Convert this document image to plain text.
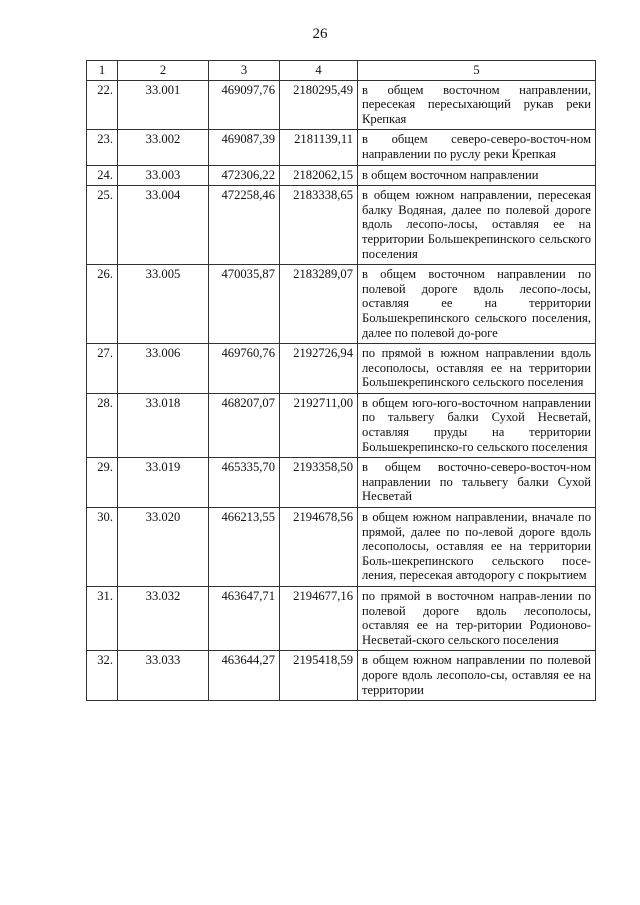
26
1	2	3	4	5
22.	33.001	469097,76	2180295,49	в общем восточном направлении, пересекая пересыхающий рукав реки Крепкая
23.	33.002	469087,39	2181139,11	в общем северо-северо-восточ-ном направлении по руслу реки Крепкая
24.	33.003	472306,22	2182062,15	в общем восточном направлении
25.	33.004	472258,46	2183338,65	в общем южном направлении, пересекая балку Водяная, далее по полевой дороге вдоль лесопо-лосы, оставляя ее на территории Большекрепинского сельского поселения
26.	33.005	470035,87	2183289,07	в общем восточном направлении по полевой дороге вдоль лесопо-лосы, оставляя ее на территории Большекрепинского сельского поселения, далее по полевой до-роге
27.	33.006	469760,76	2192726,94	по прямой в южном направлении вдоль лесополосы, оставляя ее на территории Большекрепинского сельского поселения
28.	33.018	468207,07	2192711,00	в общем юго-юго-восточном направлении по тальвегу балки Сухой Несветай, оставляя пруды на территории Большекрепинско-го сельского поселения
29.	33.019	465335,70	2193358,50	в общем восточно-северо-восточ-ном направлении по тальвегу балки Сухой Несветай
30.	33.020	466213,55	2194678,56	в общем южном направлении, вначале по прямой, далее по по-левой дороге вдоль лесополосы, оставляя ее на территории Боль-шекрепинского сельского посе-ления, пересекая автодорогу с покрытием
31.	33.032	463647,71	2194677,16	по прямой в восточном направ-лении по полевой дороге вдоль лесополосы, оставляя ее на тер-ритории Родионово-Несветай-ского сельского поселения
32.	33.033	463644,27	2195418,59	в общем южном направлении по полевой дороге вдоль лесополо-сы, оставляя ее на территории
